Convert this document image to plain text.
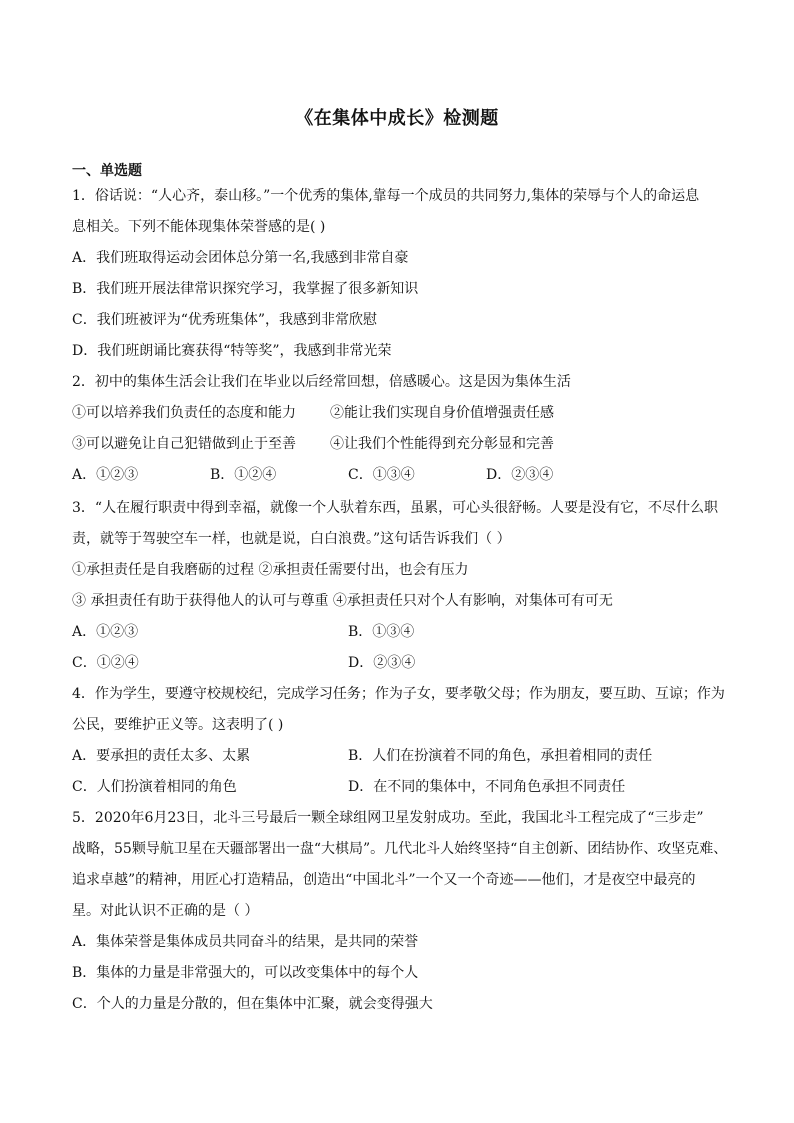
《在集体中成长》检测题
一、单选题
1．俗话说：“人心齐，泰山移。”一个优秀的集体,靠每一个成员的共同努力,集体的荣辱与个人的命运息
息相关。下列不能体现集体荣誉感的是( )
A．我们班取得运动会团体总分第一名,我感到非常自豪
B．我们班开展法律常识探究学习，我掌握了很多新知识
C．我们班被评为“优秀班集体”，我感到非常欣慰
D．我们班朗诵比赛获得“特等奖”，我感到非常光荣
2．初中的集体生活会让我们在毕业以后经常回想，倍感暖心。这是因为集体生活
①可以培养我们负责任的态度和能力 ②能让我们实现自身价值增强责任感
③可以避免让自己犯错做到止于至善 ④让我们个性能得到充分彰显和完善
A．①②③	B．①②④	C．①③④	D．②③④
3．“人在履行职责中得到幸福，就像一个人驮着东西，虽累，可心头很舒畅。人要是没有它，不尽什么职
责，就等于驾驶空车一样，也就是说，白白浪费。”这句话告诉我们（ ）
①承担责任是自我磨砺的过程 ②承担责任需要付出，也会有压力
③ 承担责任有助于获得他人的认可与尊重 ④承担责任只对个人有影响，对集体可有可无
A．①②③	B．①③④
C．①②④	D．②③④
4．作为学生，要遵守校规校纪，完成学习任务；作为子女，要孝敬父母；作为朋友，要互助、互谅；作为
公民，要维护正义等。这表明了( )
A．要承担的责任太多、太累	B．人们在扮演着不同的角色，承担着相同的责任
C．人们扮演着相同的角色	D．在不同的集体中，不同角色承担不同责任
5．2020年6月23日，北斗三号最后一颗全球组网卫星发射成功。至此，我国北斗工程完成了“三步走”
战略，55颗导航卫星在天疆部署出一盘“大棋局”。几代北斗人始终坚持“自主创新、团结协作、攻坚克难、
追求卓越”的精神，用匠心打造精品，创造出“中国北斗”一个又一个奇迹——他们，才是夜空中最亮的
星。对此认识不正确的是（ ）
A．集体荣誉是集体成员共同奋斗的结果，是共同的荣誉
B．集体的力量是非常强大的，可以改变集体中的每个人
C．个人的力量是分散的，但在集体中汇聚，就会变得强大
